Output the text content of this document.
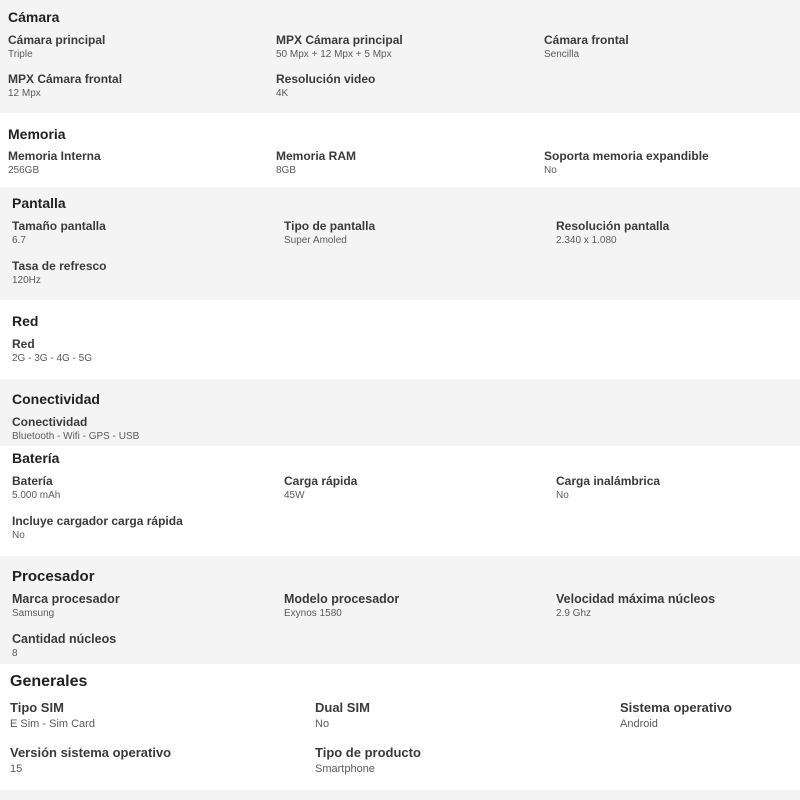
Cámara
Cámara principal
Triple
MPX Cámara principal
50 Mpx + 12 Mpx + 5 Mpx
Cámara frontal
Sencilla
MPX Cámara frontal
12 Mpx
Resolución video
4K
Memoria
Memoria Interna
256GB
Memoria RAM
8GB
Soporta memoria expandible
No
Pantalla
Tamaño pantalla
6.7
Tipo de pantalla
Super Amoled
Resolución pantalla
2.340 x 1.080
Tasa de refresco
120Hz
Red
Red
2G - 3G - 4G - 5G
Conectividad
Conectividad
Bluetooth - Wifi - GPS - USB
Batería
Batería
5.000 mAh
Carga rápida
45W
Carga inalámbrica
No
Incluye cargador carga rápida
No
Procesador
Marca procesador
Samsung
Modelo procesador
Exynos 1580
Velocidad máxima núcleos
2.9 Ghz
Cantidad núcleos
8
Generales
Tipo SIM
E Sim - Sim Card
Dual SIM
No
Sistema operativo
Android
Versión sistema operativo
15
Tipo de producto
Smartphone
